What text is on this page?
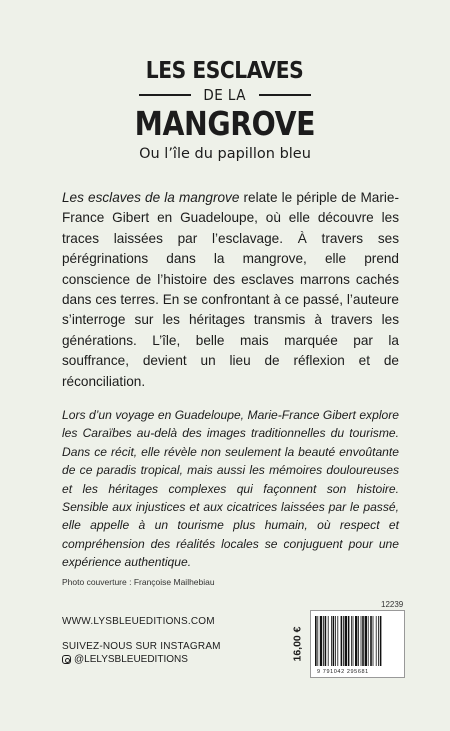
LES ESCLAVES
DE LA
MANGROVE
Ou l’île du papillon bleu
Les esclaves de la mangrove relate le périple de Marie-France Gibert en Guadeloupe, où elle découvre les traces laissées par l’esclavage. À travers ses pérégrinations dans la mangrove, elle prend conscience de l’histoire des esclaves marrons cachés dans ces terres. En se confrontant à ce passé, l’auteure s’interroge sur les héritages transmis à travers les générations. L’île, belle mais marquée par la souffrance, devient un lieu de réflexion et de réconciliation.
Lors d’un voyage en Guadeloupe, Marie-France Gibert explore les Caraïbes au-delà des images traditionnelles du tourisme. Dans ce récit, elle révèle non seulement la beauté envoûtante de ce paradis tropical, mais aussi les mémoires douloureuses et les héritages complexes qui façonnent son histoire. Sensible aux injustices et aux cicatrices laissées par le passé, elle appelle à un tourisme plus humain, où respect et compréhension des réalités locales se conjuguent pour une expérience authentique.
Photo couverture : Françoise Mailhebiau
WWW.LYSBLEUEDITIONS.COM
SUIVEZ-NOUS SUR INSTAGRAM
@LELYSBLEUEDITIONS
12239
16,00 €
9 791042 295681
